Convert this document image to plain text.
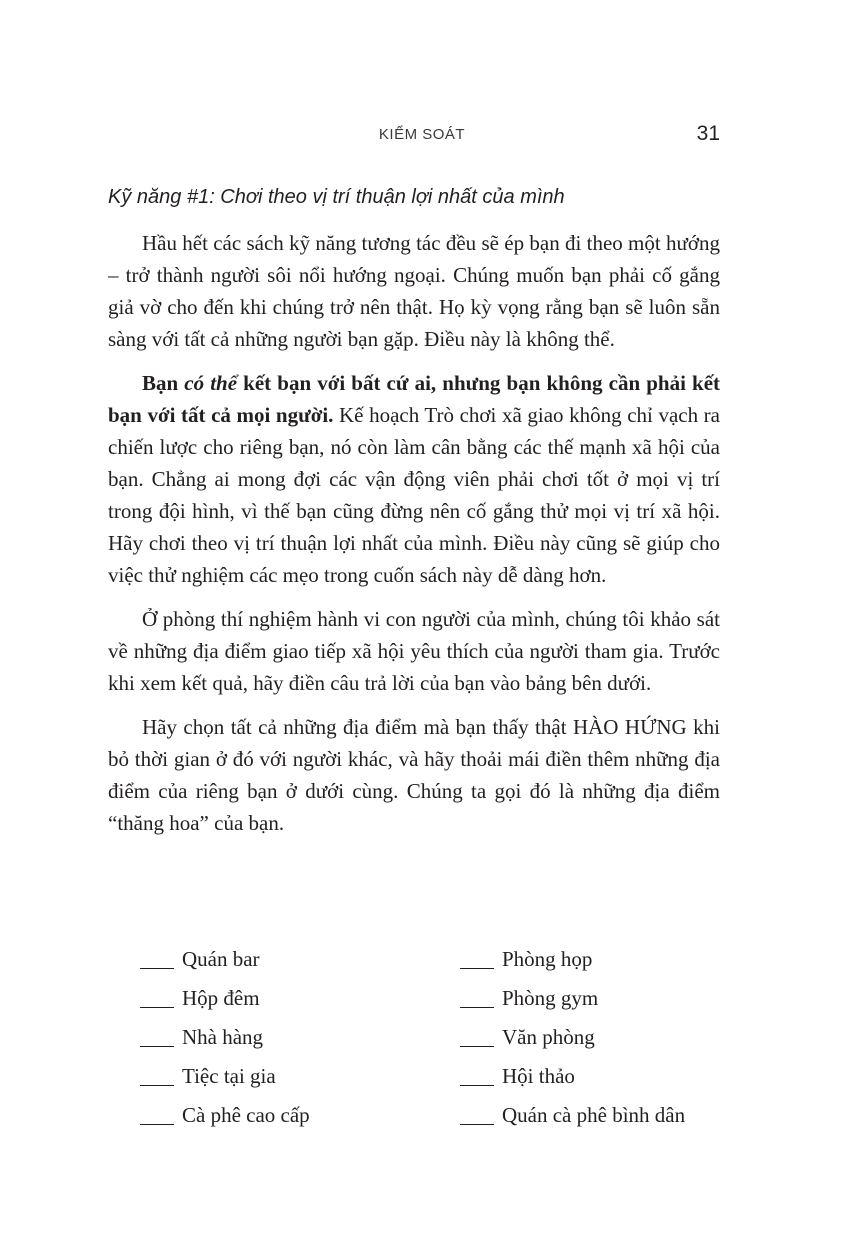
KIỂM SOÁT	31
Kỹ năng #1: Chơi theo vị trí thuận lợi nhất của mình

Hầu hết các sách kỹ năng tương tác đều sẽ ép bạn đi theo một hướng – trở thành người sôi nổi hướng ngoại. Chúng muốn bạn phải cố gắng giả vờ cho đến khi chúng trở nên thật. Họ kỳ vọng rằng bạn sẽ luôn sẵn sàng với tất cả những người bạn gặp. Điều này là không thể.

Bạn có thể kết bạn với bất cứ ai, nhưng bạn không cần phải kết bạn với tất cả mọi người. Kế hoạch Trò chơi xã giao không chỉ vạch ra chiến lược cho riêng bạn, nó còn làm cân bằng các thế mạnh xã hội của bạn. Chẳng ai mong đợi các vận động viên phải chơi tốt ở mọi vị trí trong đội hình, vì thế bạn cũng đừng nên cố gắng thử mọi vị trí xã hội. Hãy chơi theo vị trí thuận lợi nhất của mình. Điều này cũng sẽ giúp cho việc thử nghiệm các mẹo trong cuốn sách này dễ dàng hơn.

Ở phòng thí nghiệm hành vi con người của mình, chúng tôi khảo sát về những địa điểm giao tiếp xã hội yêu thích của người tham gia. Trước khi xem kết quả, hãy điền câu trả lời của bạn vào bảng bên dưới.

Hãy chọn tất cả những địa điểm mà bạn thấy thật HÀO HỨNG khi bỏ thời gian ở đó với người khác, và hãy thoải mái điền thêm những địa điểm của riêng bạn ở dưới cùng. Chúng ta gọi đó là những địa điểm “thăng hoa” của bạn.

Quán bar	Phòng họp
Hộp đêm	Phòng gym
Nhà hàng	Văn phòng
Tiệc tại gia	Hội thảo
Cà phê cao cấp	Quán cà phê bình dân
